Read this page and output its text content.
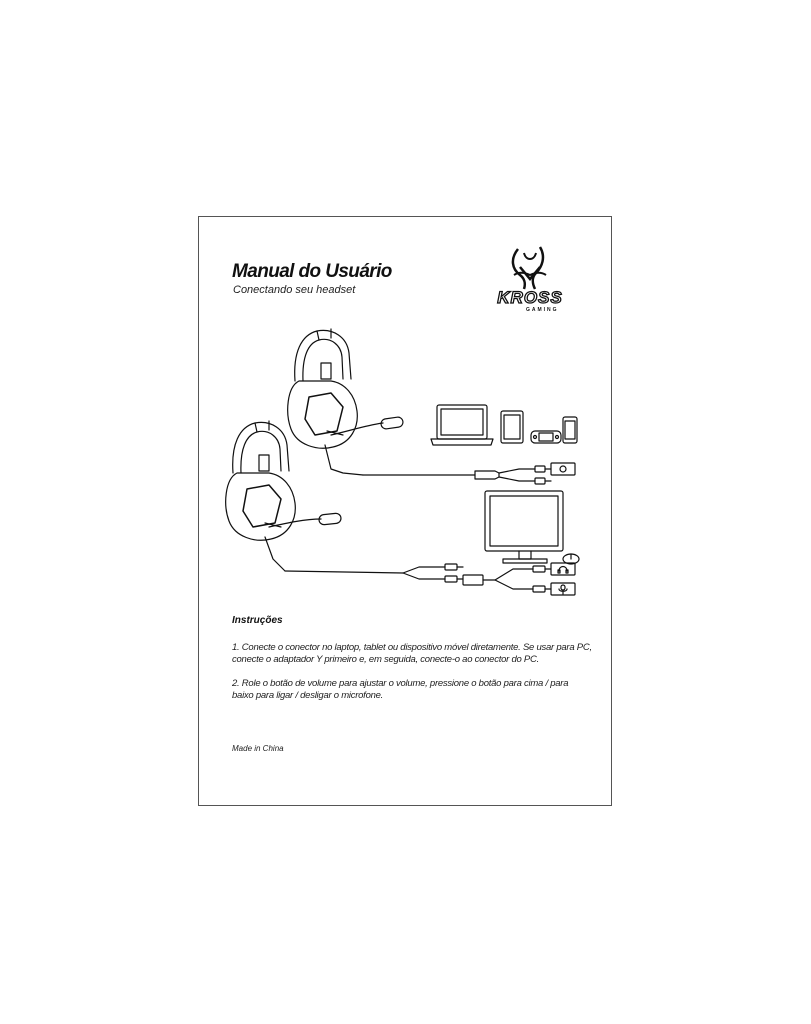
Manual do Usuário

Conectando seu headset	KROSS
GAMING
Instruções

1. Conecte o conector no laptop, tablet ou dispositivo móvel diretamente. Se usar para PC, conecte o adaptador Y primeiro e, em seguida, conecte-o ao conector do PC.

2. Role o botão de volume para ajustar o volume, pressione o botão para cima / para baixo para ligar / desligar o microfone.

Made in China
